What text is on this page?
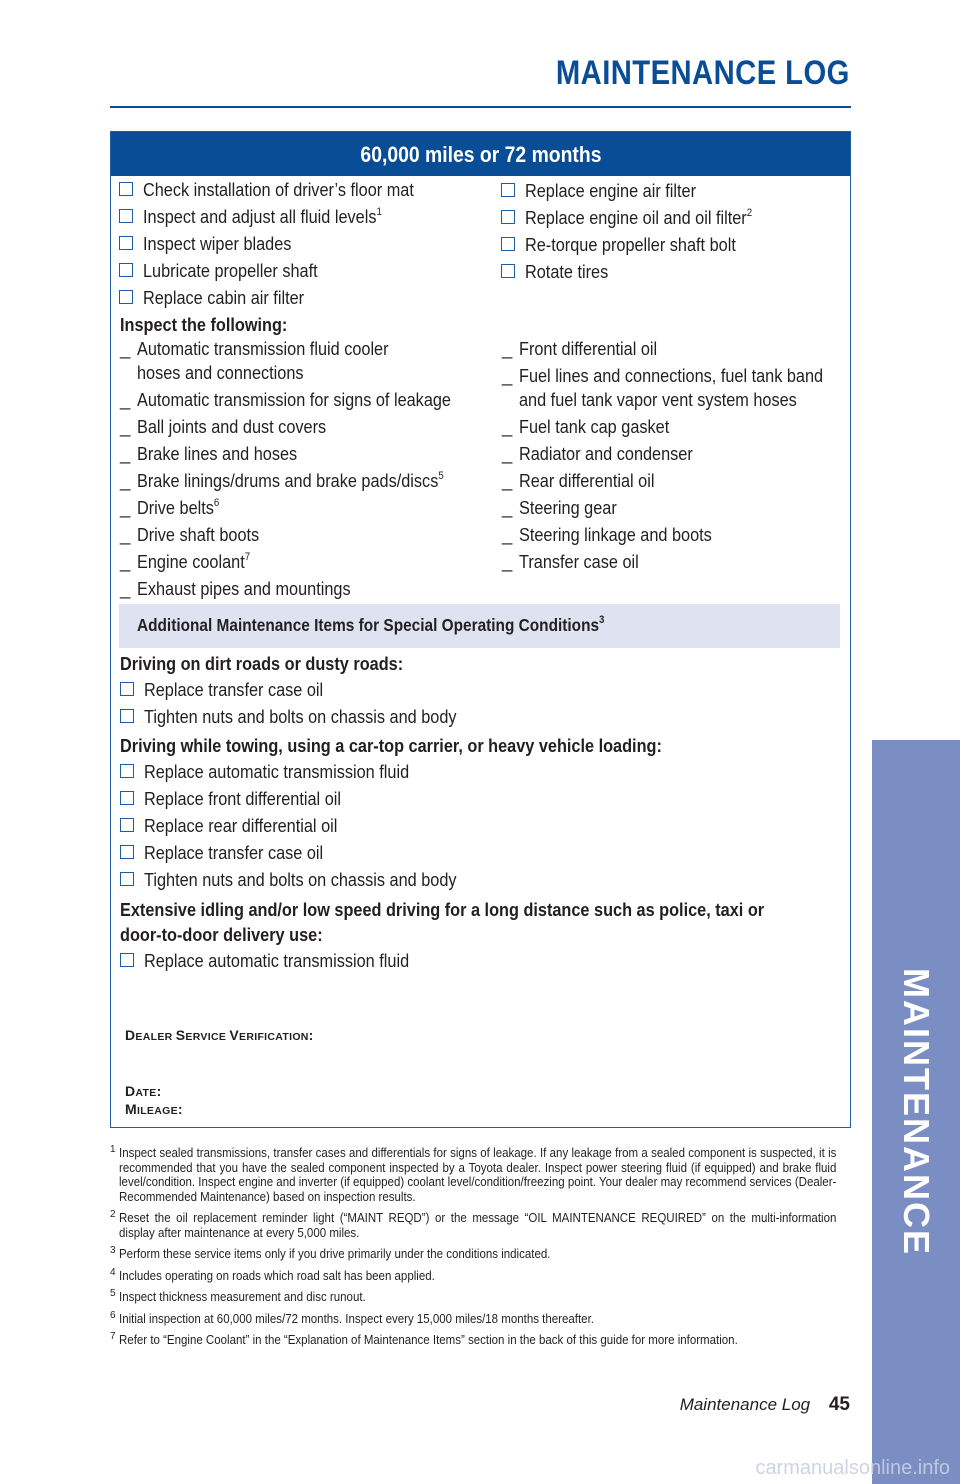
MAINTENANCE LOG
60,000 miles or 72 months
Check installation of driver’s floor mat
Inspect and adjust all fluid levels$^1$
Inspect wiper blades
Lubricate propeller shaft
Replace cabin air filter
Replace engine air filter
Replace engine oil and oil filter$^2$
Re-torque propeller shaft bolt
Rotate tires
Inspect the following:
_ Automatic transmission fluid cooler
hoses and connections
_ Automatic transmission for signs of leakage
_ Ball joints and dust covers
_ Brake lines and hoses
_ Brake linings/drums and brake pads/discs$^5$
_ Drive belts$^6$
_ Drive shaft boots
_ Engine coolant$^7$
_ Exhaust pipes and mountings
_ Front differential oil
_ Fuel lines and connections, fuel tank band
and fuel tank vapor vent system hoses
_ Fuel tank cap gasket
_ Radiator and condenser
_ Rear differential oil
_ Steering gear
_ Steering linkage and boots
_ Transfer case oil
Additional Maintenance Items for Special Operating Conditions$^3$
Driving on dirt roads or dusty roads:
Replace transfer case oil
Tighten nuts and bolts on chassis and body
Driving while towing, using a car-top carrier, or heavy vehicle loading:
Replace automatic transmission fluid
Replace front differential oil
Replace rear differential oil
Replace transfer case oil
Tighten nuts and bolts on chassis and body
Extensive idling and/or low speed driving for a long distance such as police, taxi or
door-to-door delivery use:
Replace automatic transmission fluid
DEALER SERVICE VERIFICATION:
DATE:
MILEAGE:
1 Inspect sealed transmissions, transfer cases and differentials for signs of leakage. If any leakage from a sealed component is suspected, it is recommended that you have the sealed component inspected by a Toyota dealer. Inspect power steering fluid (if equipped) and brake fluid level/condition. Inspect engine and inverter (if equipped) coolant level/condition/freezing point. Your dealer may recommend services (Dealer-Recommended Maintenance) based on inspection results.
2 Reset the oil replacement reminder light (“MAINT REQD”) or the message “OIL MAINTENANCE REQUIRED” on the multi-information display after maintenance at every 5,000 miles.
3 Perform these service items only if you drive primarily under the conditions indicated.
4 Includes operating on roads which road salt has been applied.
5 Inspect thickness measurement and disc runout.
6 Initial inspection at 60,000 miles/72 months. Inspect every 15,000 miles/18 months thereafter.
7 Refer to “Engine Coolant” in the “Explanation of Maintenance Items” section in the back of this guide for more information.
Maintenance Log 45
MAINTENANCE
carmanualsonline.info
